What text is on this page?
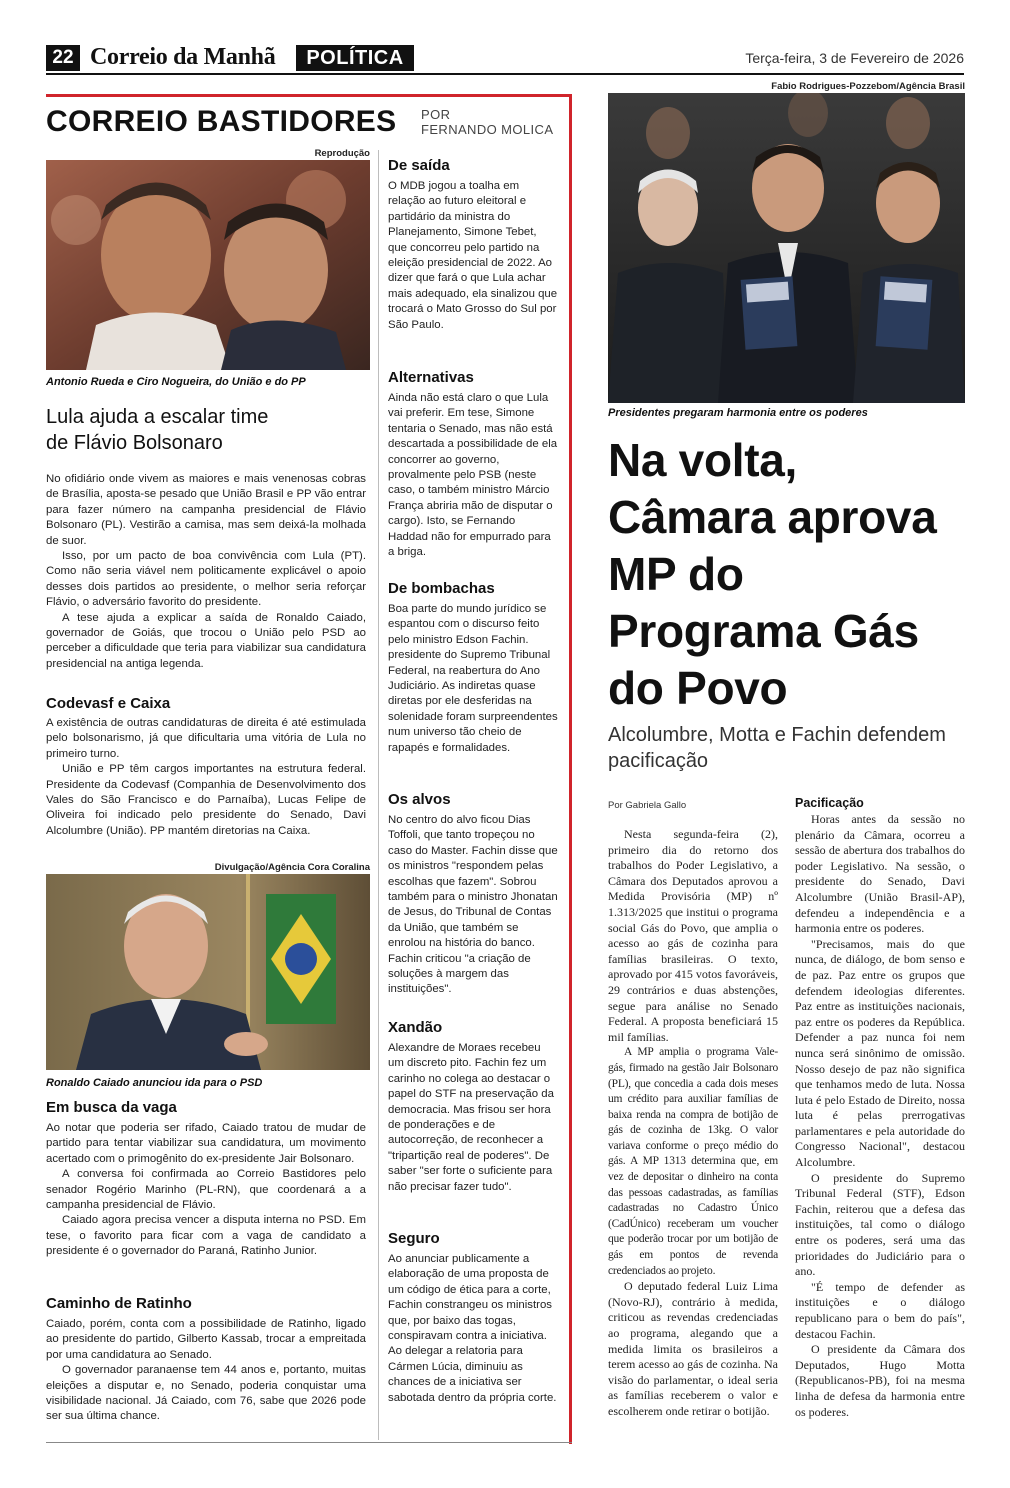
22 Correio da Manhã	POLÍTICA	Terça-feira, 3 de Fevereiro de 2026
CORREIO BASTIDORES POR
FERNANDO MOLICA
Reprodução
Antonio Rueda e Ciro Nogueira, do União e do PP
Lula ajuda a escalar time
de Flávio Bolsonaro

No ofidiário onde vivem as maiores e mais venenosas cobras de Brasília, aposta-se pesado que União Brasil e PP vão entrar para fazer número na campanha presidencial de Flávio Bolsonaro (PL). Vestirão a camisa, mas sem deixá-la molhada de suor.

Isso, por um pacto de boa convivência com Lula (PT). Como não seria viável nem politicamente explicável o apoio desses dois partidos ao presidente, o melhor seria reforçar Flávio, o adversário favorito do presidente.

A tese ajuda a explicar a saída de Ronaldo Caiado, governador de Goiás, que trocou o União pelo PSD ao perceber a dificuldade que teria para viabilizar sua candidatura presidencial na antiga legenda.

Codevasf e Caixa

A existência de outras candidaturas de direita é até estimulada pelo bolsonarismo, já que dificultaria uma vitória de Lula no primeiro turno.

União e PP têm cargos importantes na estrutura federal. Presidente da Codevasf (Companhia de Desenvolvimento dos Vales do São Francisco e do Parnaíba), Lucas Felipe de Oliveira foi indicado pelo presidente do Senado, Davi Alcolumbre (União). PP mantém diretorias na Caixa.

Divulgação/Agência Cora Coralina
Ronaldo Caiado anunciou ida para o PSD
Em busca da vaga

Ao notar que poderia ser rifado, Caiado tratou de mudar de partido para tentar viabilizar sua candidatura, um movimento acertado com o primogênito do ex-presidente Jair Bolsonaro.

A conversa foi confirmada ao Correio Bastidores pelo senador Rogério Marinho (PL-RN), que coordenará a a campanha presidencial de Flávio.

Caiado agora precisa vencer a disputa interna no PSD. Em tese, o favorito para ficar com a vaga de candidato a presidente é o governador do Paraná, Ratinho Junior.

Caminho de Ratinho

Caiado, porém, conta com a possibilidade de Ratinho, ligado ao presidente do partido, Gilberto Kassab, trocar a empreitada por uma candidatura ao Senado.

O governador paranaense tem 44 anos e, portanto, muitas eleições a disputar e, no Senado, poderia conquistar uma visibilidade nacional. Já Caiado, com 76, sabe que 2026 pode ser sua última chance.

De saída
O MDB jogou a toalha em relação ao futuro eleitoral e partidário da ministra do Planejamento, Simone Tebet, que concorreu pelo partido na eleição presidencial de 2022. Ao dizer que fará o que Lula achar mais adequado, ela sinalizou que trocará o Mato Grosso do Sul por São Paulo.
Alternativas
Ainda não está claro o que Lula vai preferir. Em tese, Simone tentaria o Senado, mas não está descartada a possibilidade de ela concorrer ao governo, provalmente pelo PSB (neste caso, o também ministro Márcio França abriria mão de disputar o cargo). Isto, se Fernando Haddad não for empurrado para a briga.
De bombachas
Boa parte do mundo jurídico se espantou com o discurso feito pelo ministro Edson Fachin. presidente do Supremo Tribunal Federal, na reabertura do Ano Judiciário. As indiretas quase diretas por ele desferidas na solenidade foram surpreendentes num universo tão cheio de rapapés e formalidades.
Os alvos
No centro do alvo ficou Dias Toffoli, que tanto tropeçou no caso do Master. Fachin disse que os ministros "respondem pelas escolhas que fazem". Sobrou também para o ministro Jhonatan de Jesus, do Tribunal de Contas da União, que também se enrolou na história do banco. Fachin criticou "a criação de soluções à margem das instituições".
Xandão
Alexandre de Moraes recebeu um discreto pito. Fachin fez um carinho no colega ao destacar o papel do STF na preservação da democracia. Mas frisou ser hora de ponderações e de autocorreção, de reconhecer a "tripartição real de poderes". De saber "ser forte o suficiente para não precisar fazer tudo".
Seguro
Ao anunciar publicamente a elaboração de uma proposta de um código de ética para a corte, Fachin constrangeu os ministros que, por baixo das togas, conspiravam contra a iniciativa. Ao delegar a relatoria para Cármen Lúcia, diminuiu as chances de a iniciativa ser sabotada dentro da própria corte.
Fabio Rodrigues-Pozzebom/Agência Brasil
Presidentes pregaram harmonia entre os poderes
Na volta, Câmara aprova MP do Programa Gás do Povo
Alcolumbre, Motta e Fachin defendem pacificação
Por Gabriela Gallo

Nesta segunda-feira (2), primeiro dia do retorno dos trabalhos do Poder Legislativo, a Câmara dos Deputados aprovou a Medida Provisória (MP) nº 1.313/2025 que institui o programa social Gás do Povo, que amplia o acesso ao gás de cozinha para famílias brasileiras. O texto, aprovado por 415 votos favoráveis, 29 contrários e duas abstenções, segue para análise no Senado Federal. A proposta beneficiará 15 mil famílias.

A MP amplia o programa Vale-gás, firmado na gestão Jair Bolsonaro (PL), que concedia a cada dois meses um crédito para auxiliar famílias de baixa renda na compra de botijão de gás de cozinha de 13kg. O valor variava conforme o preço médio do gás. A MP 1313 determina que, em vez de depositar o dinheiro na conta das pessoas cadastradas, as famílias cadastradas no Cadastro Único (CadÚnico) receberam um voucher que poderão trocar por um botijão de gás em pontos de revenda credenciados ao projeto.

O deputado federal Luiz Lima (Novo-RJ), contrário à medida, criticou as revendas credenciadas ao programa, alegando que a medida limita os brasileiros a terem acesso ao gás de cozinha. Na visão do parlamentar, o ideal seria as famílias receberem o valor e escolherem onde retirar o botijão.

Pacificação

Horas antes da sessão no plenário da Câmara, ocorreu a sessão de abertura dos trabalhos do poder Legislativo. Na sessão, o presidente do Senado, Davi Alcolumbre (União Brasil-AP), defendeu a independência e a harmonia entre os poderes.

"Precisamos, mais do que nunca, de diálogo, de bom senso e de paz. Paz entre os grupos que defendem ideologias diferentes. Paz entre as instituições nacionais, paz entre os poderes da República. Defender a paz nunca foi nem nunca será sinônimo de omissão. Nosso desejo de paz não significa que tenhamos medo de luta. Nossa luta é pelo Estado de Direito, nossa luta é pelas prerrogativas parlamentares e pela autoridade do Congresso Nacional", destacou Alcolumbre.

O presidente do Supremo Tribunal Federal (STF), Edson Fachin, reiterou que a defesa das instituições, tal como o diálogo entre os poderes, será uma das prioridades do Judiciário para o ano.

"É tempo de defender as instituições e o diálogo republicano para o bem do país", destacou Fachin.

O presidente da Câmara dos Deputados, Hugo Motta (Republicanos-PB), foi na mesma linha de defesa da harmonia entre os poderes.
